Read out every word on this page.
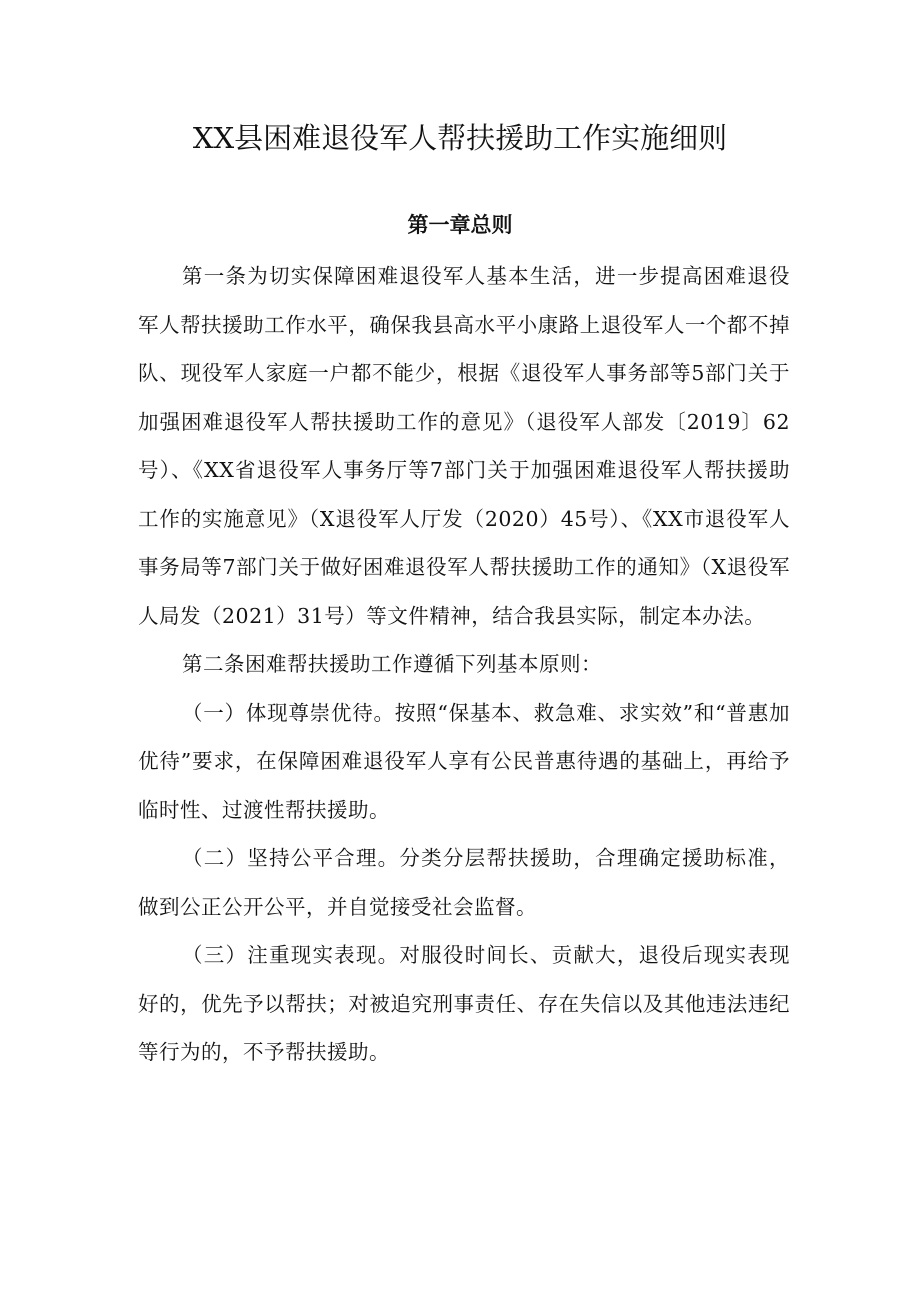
XX县困难退役军人帮扶援助工作实施细则
第一章总则

第一条为切实保障困难退役军人基本生活，进一步提高困难退役军人帮扶援助工作水平，确保我县高水平小康路上退役军人一个都不掉队、现役军人家庭一户都不能少，根据《退役军人事务部等5部门关于加强困难退役军人帮扶援助工作的意见》（退役军人部发〔2019〕62号）、《XX省退役军人事务厅等7部门关于加强困难退役军人帮扶援助工作的实施意见》（X退役军人厅发（2020）45号）、《XX市退役军人事务局等7部门关于做好困难退役军人帮扶援助工作的通知》（X退役军人局发（2021）31号）等文件精神，结合我县实际，制定本办法。

第二条困难帮扶援助工作遵循下列基本原则：

（一）体现尊崇优待。按照“保基本、救急难、求实效”和“普惠加优待”要求，在保障困难退役军人享有公民普惠待遇的基础上，再给予临时性、过渡性帮扶援助。

（二）坚持公平合理。分类分层帮扶援助，合理确定援助标准，做到公正公开公平，并自觉接受社会监督。

（三）注重现实表现。对服役时间长、贡献大，退役后现实表现好的，优先予以帮扶；对被追究刑事责任、存在失信以及其他违法违纪等行为的，不予帮扶援助。
